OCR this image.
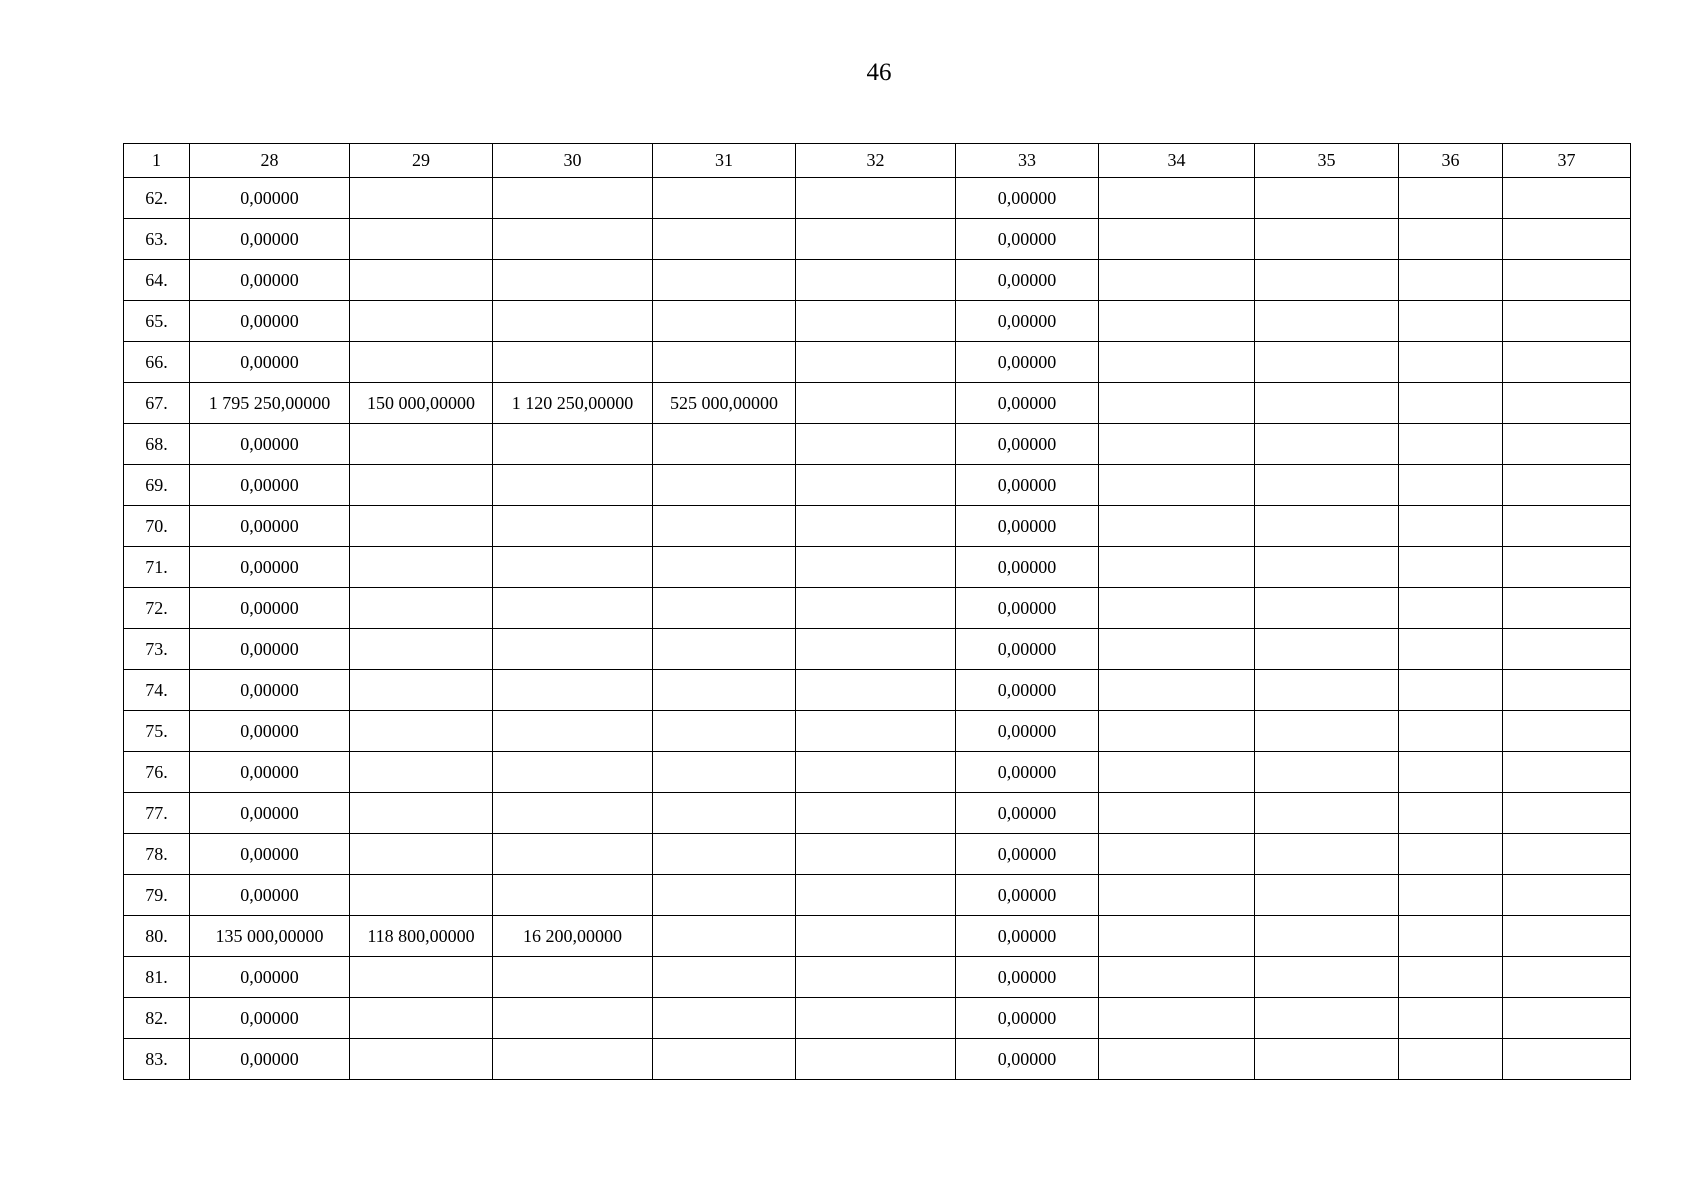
46
1	28	29	30	31	32	33	34	35	36	37
62.	0,00000					0,00000				
63.	0,00000					0,00000				
64.	0,00000					0,00000				
65.	0,00000					0,00000				
66.	0,00000					0,00000				
67.	1 795 250,00000	150 000,00000	1 120 250,00000	525 000,00000		0,00000				
68.	0,00000					0,00000				
69.	0,00000					0,00000				
70.	0,00000					0,00000				
71.	0,00000					0,00000				
72.	0,00000					0,00000				
73.	0,00000					0,00000				
74.	0,00000					0,00000				
75.	0,00000					0,00000				
76.	0,00000					0,00000				
77.	0,00000					0,00000				
78.	0,00000					0,00000				
79.	0,00000					0,00000				
80.	135 000,00000	118 800,00000	16 200,00000			0,00000				
81.	0,00000					0,00000				
82.	0,00000					0,00000				
83.	0,00000					0,00000				
